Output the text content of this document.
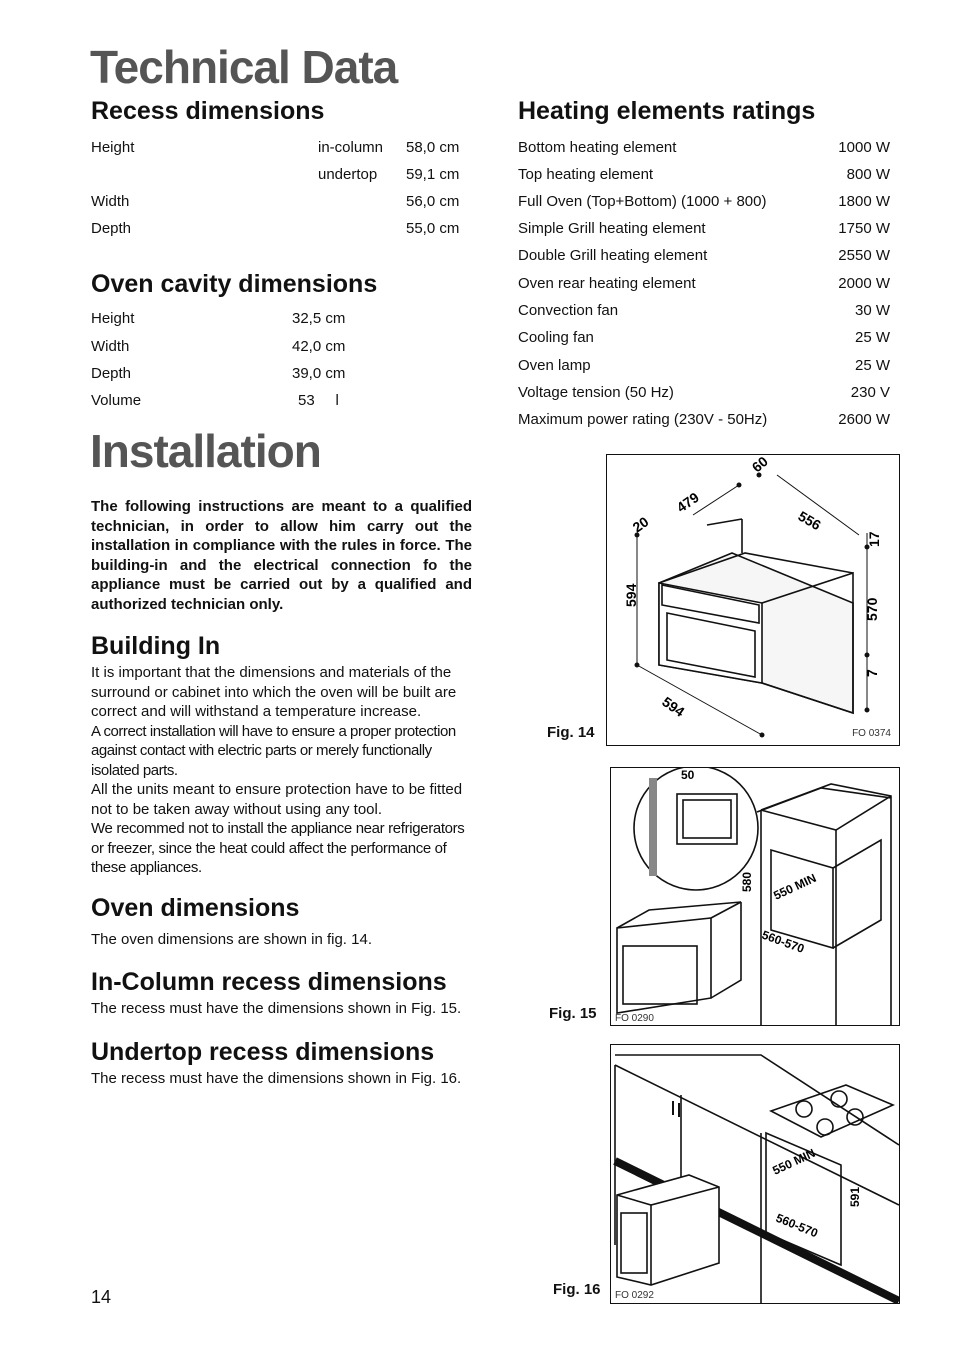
Technical Data
Recess dimensions
Height	in-column 58,0 cm
undertop 59,1 cm
Width	56,0 cm
Depth	55,0 cm
Oven cavity dimensions
Height	32,5 cm
Width	42,0 cm
Depth	39,0 cm
Volume	53     l
Heating elements ratings
Bottom heating element	1000 W
Top heating element	800 W
Full Oven (Top+Bottom) (1000 + 800)	1800 W
Simple Grill heating element	1750 W
Double Grill heating element	2550 W
Oven rear heating element	2000 W
Convection fan	30 W
Cooling fan	25 W
Oven lamp	25 W
Voltage tension (50 Hz)	230 V
Maximum power rating (230V - 50Hz)	2600 W
Installation
The following instructions are meant to a qualified technician, in order to allow him carry out the installation in compliance with the rules in force. The building-in and the electrical connection fo the appliance must be carried out by a qualified and authorized technician only.
Building In
It is important that the dimensions and materials of the surround or cabinet into which the oven will be built are correct and will withstand a temperature increase.
A correct installation will have to ensure a proper protection against contact with electric parts or merely functionally isolated parts.
All the units meant to ensure protection have to be fitted not to be taken away without using any tool.
We recommed not to install the appliance near refrigerators or freezer, since the heat could affect the performance of these appliances.
Oven dimensions
The oven dimensions are shown in fig. 14.
In-Column recess dimensions
The recess must have the dimensions shown in Fig. 15.
Undertop recess dimensions
The recess must have the dimensions shown in Fig. 16.
14
Fig. 14
60
20
479
556
17
594
570
7
594
FO 0374
Fig. 15
50
580 550 MIN
560-570
FO 0290
Fig. 16
550 MIN
591
560-570
FO 0292
